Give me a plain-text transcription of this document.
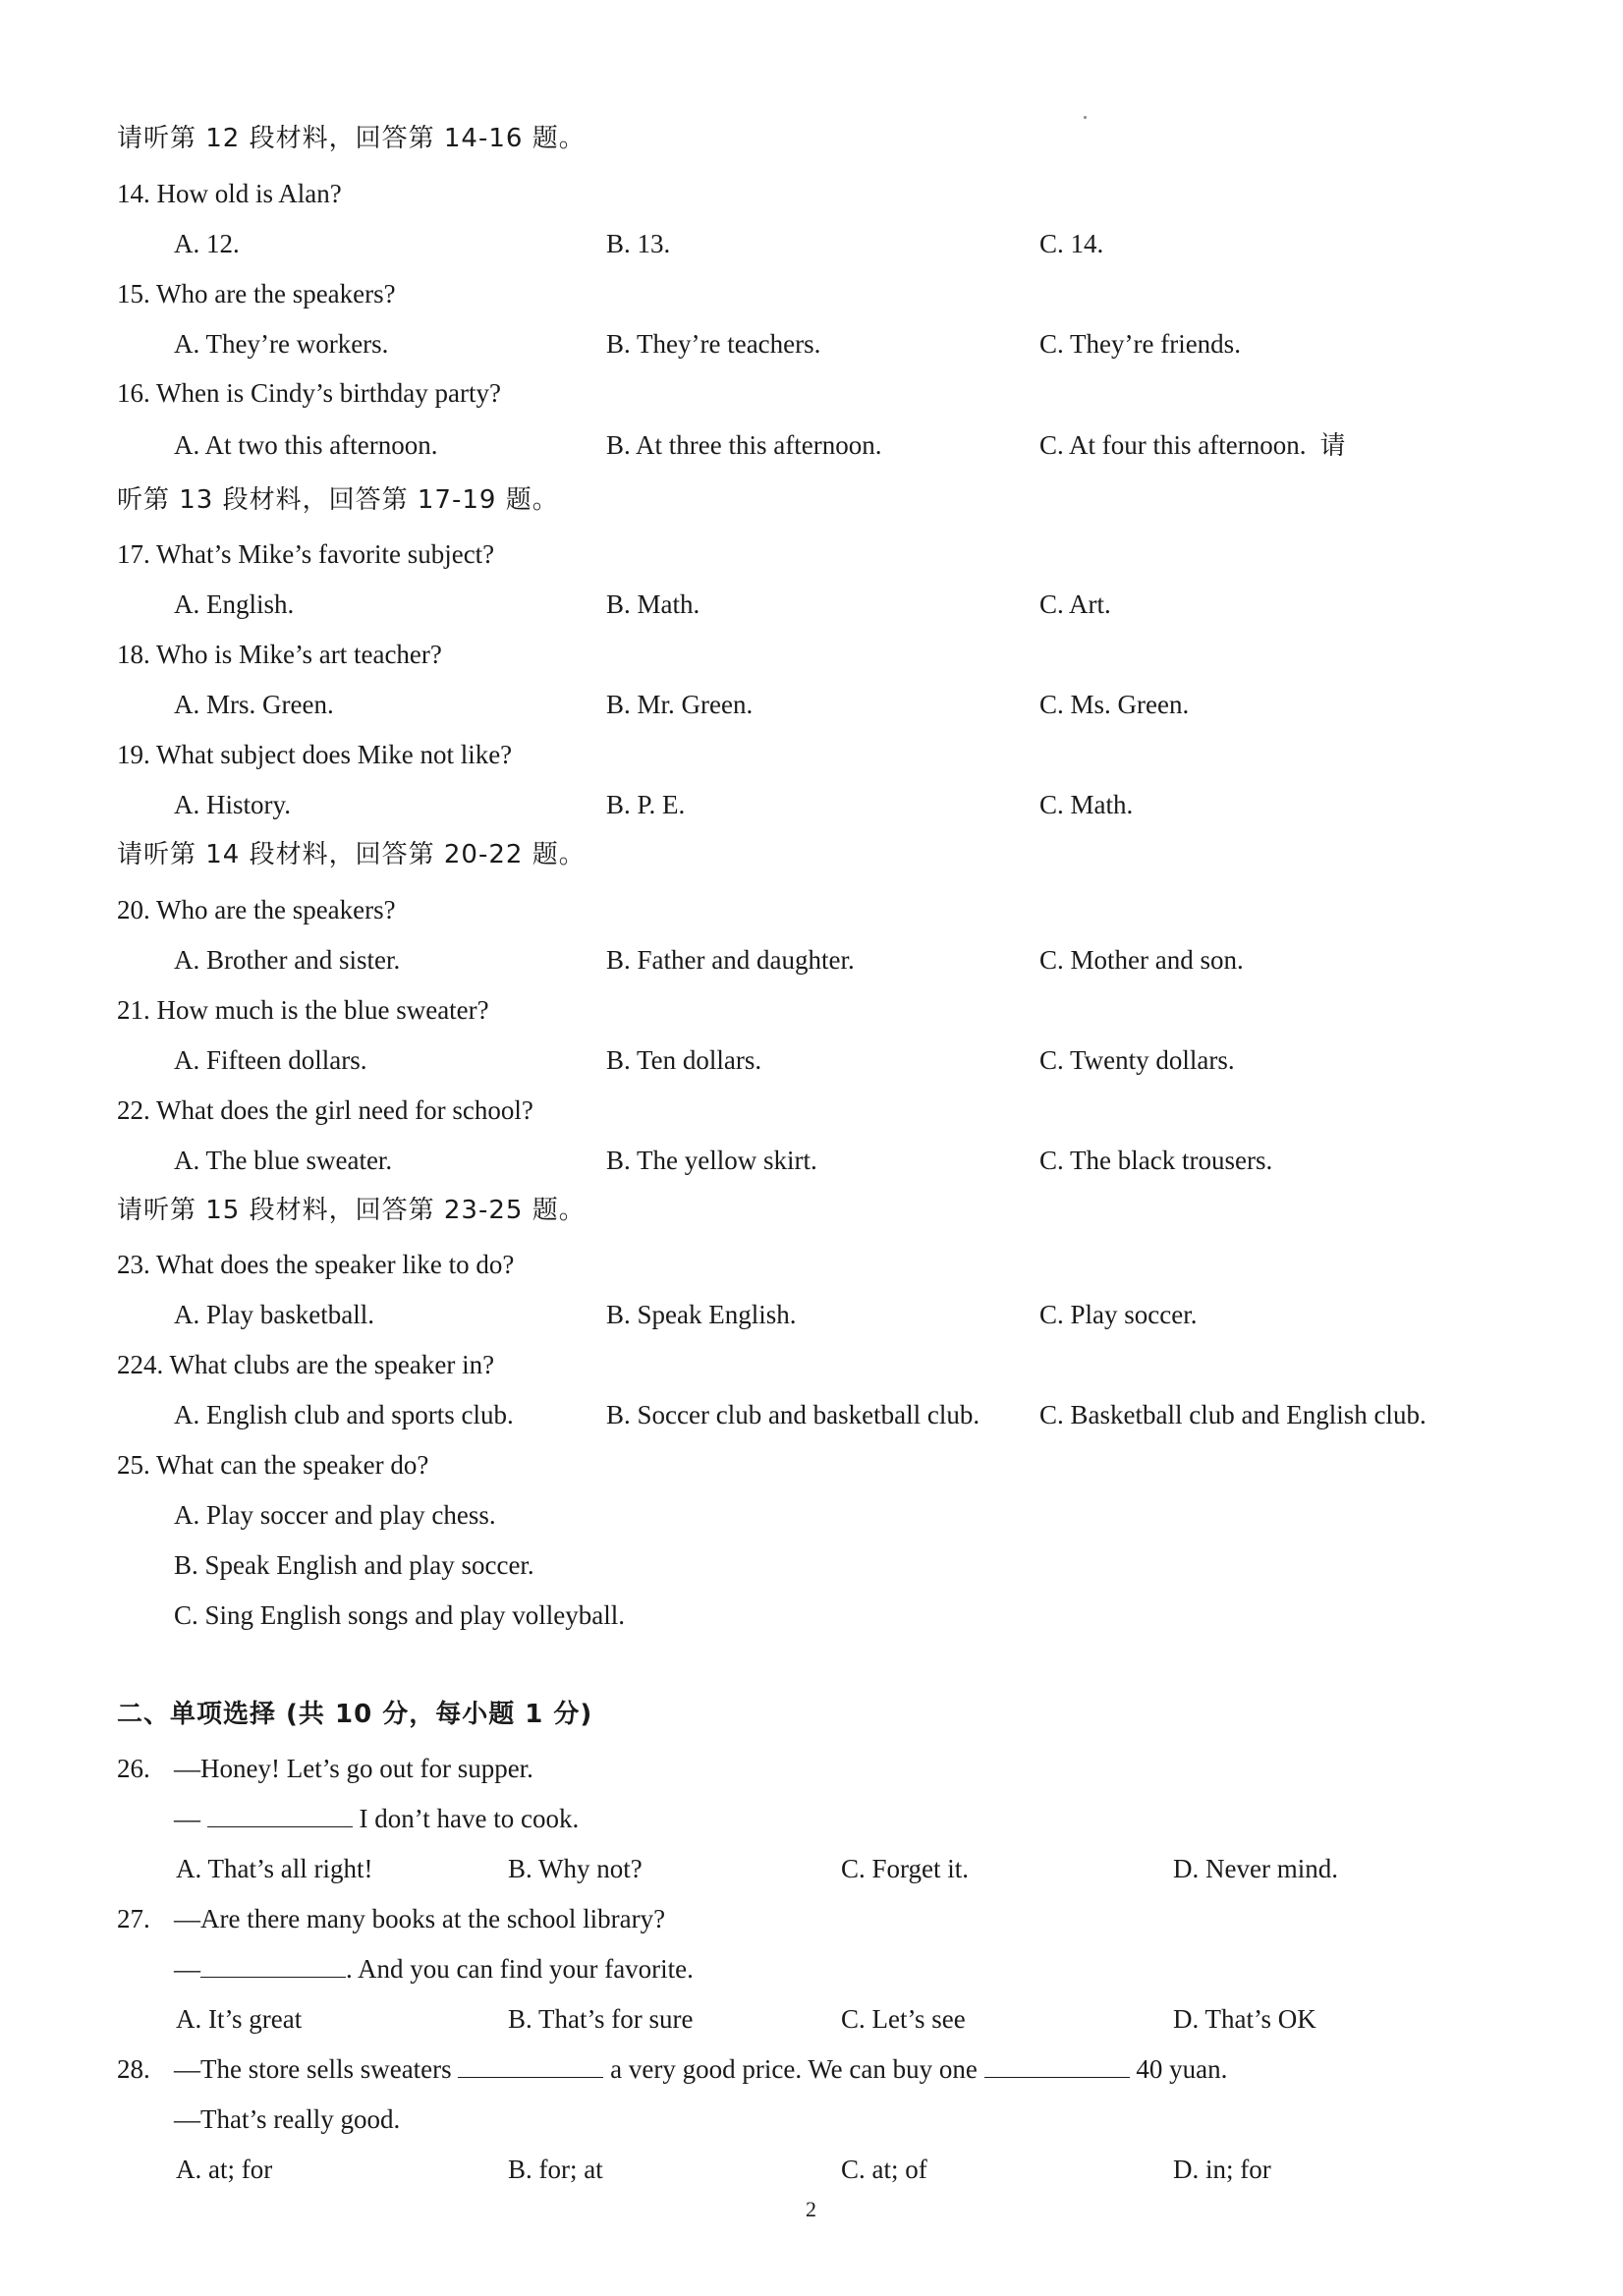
请听第 12 段材料，回答第 14-16 题。
14. How old is Alan?
A. 12.	B. 13.	C. 14.
15. Who are the speakers?
A. They’re workers.	B. They’re teachers.	C. They’re friends.
16. When is Cindy’s birthday party?
A. At two this afternoon.	B. At three this afternoon.	C. At four this afternoon. 请
听第 13 段材料，回答第 17-19 题。
17. What’s Mike’s favorite subject?
A. English.	B. Math.	C. Art.
18. Who is Mike’s art teacher?
A. Mrs. Green.	B. Mr. Green.	C. Ms. Green.
19. What subject does Mike not like?
A. History.	B. P. E.	C. Math.
请听第 14 段材料，回答第 20-22 题。
20. Who are the speakers?
A. Brother and sister.	B. Father and daughter.	C. Mother and son.
21. How much is the blue sweater?
A. Fifteen dollars.	B. Ten dollars.	C. Twenty dollars.
22. What does the girl need for school?
A. The blue sweater.	B. The yellow skirt.	C. The black trousers.
请听第 15 段材料，回答第 23-25 题。
23. What does the speaker like to do?
A. Play basketball.	B. Speak English.	C. Play soccer.
224. What clubs are the speaker in?
A. English club and sports club.	B. Soccer club and basketball club. C. Basketball club and English club.
25. What can the speaker do?
A. Play soccer and play chess.
B. Speak English and play soccer.
C. Sing English songs and play volleyball.
二、单项选择 (共 10 分，每小题 1 分)
26. —Honey! Let’s go out for supper.
—	I don’t have to cook.
A. That’s all right!	B. Why not?	C. Forget it.	D. Never mind.
27. —Are there many books at the school library?
—	. And you can find your favorite.
A. It’s great	B. That’s for sure	C. Let’s see	D. That’s OK
28. —The store sells sweaters	a very good price. We can buy one	40 yuan.
—That’s really good.
A. at; for	B. for; at	C. at; of	D. in; for
2
